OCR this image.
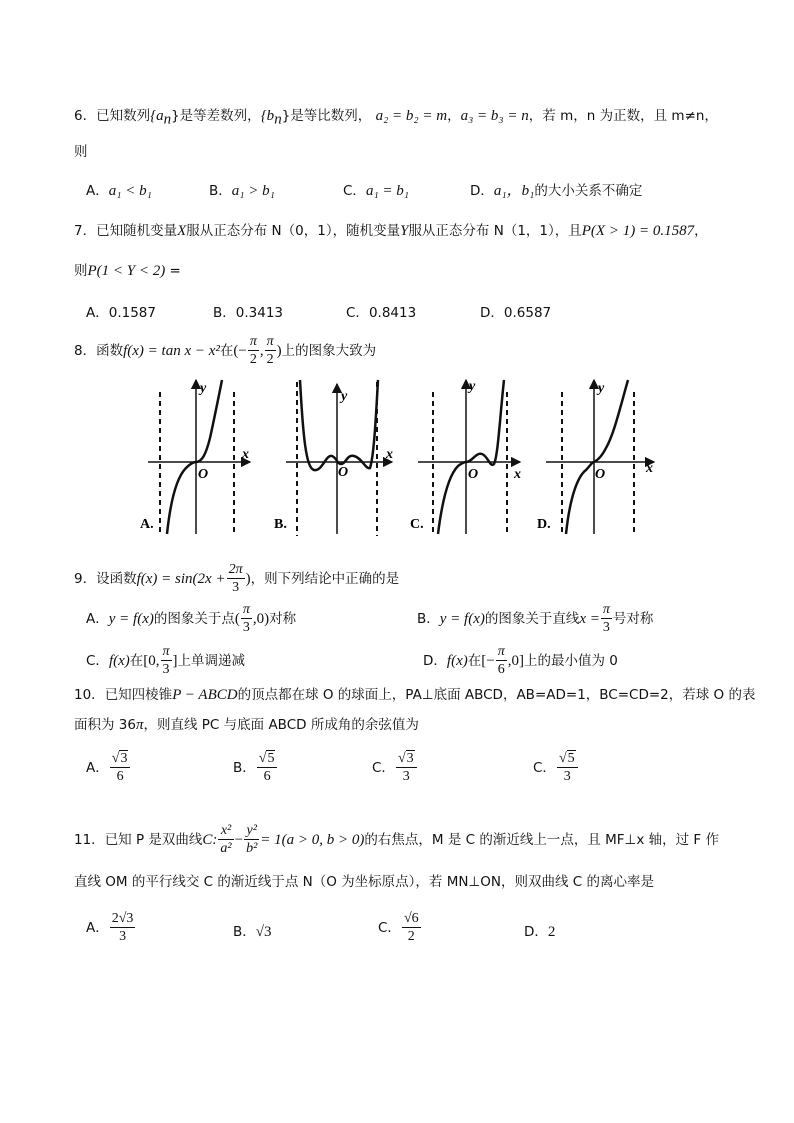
6．已知数列$\{a_n\}$是等差数列，$\{b_n\}$是等比数列， a₂ = b₂ = m，a₃ = b₃ = n，若 m，n 为正数，且 m≠n，
则
A．a₁ < b₁	B．a₁ > b₁	C．a₁ = b₁	D．a₁，b₁的大小关系不确定
7．已知随机变量X服从正态分布 N（0，1），随机变量Y服从正态分布 N（1，1），且P(X > 1) = 0.1587，
则P(1 < Y < 2) =
A．0.1587	B．0.3413	C．0.8413	D．0.6587
8．函数f(x) = tan x − x²在(− $\frac{\pi}{2}$ , $\frac{\pi}{2}$ )上的图象大致为
y
x
O
A.
y
x
O
B.
y
x
O
C.
y
x
O
D.
9．设函数$f(x) = \sin(2x + \frac{2\pi}{3}$ )，则下列结论中正确的是
A．y = f(x)的图象关于点( $\frac{\pi}{3} ,0$)对称	B．y = f(x)的图象关于直线$x = \frac{\pi}{3}$ 号对称
C．f(x)在[0, $\frac{\pi}{3}$ ]上单调递减	D．f(x)在[− $\frac{\pi}{6} ,0$]上的最小值为 0
10．已知四棱锥P − ABCD的顶点都在球 O 的球面上，PA⊥底面 ABCD，AB=AD=1，BC=CD=2，若球 O 的表
面积为 36π，则直线 PC 与底面 ABCD 所成角的余弦值为
A． $\frac{√3}{6}$	B． $\frac{√5}{6}$	C． $\frac{√3}{3}$	C． $\frac{√5}{3}$
11．已知 P 是双曲线C: $\frac{\text{x²}}{\text{a²}} - \frac{\text{y²}}{\text{b²}} = 1(a > 0$, b > 0)的右焦点，M 是 C 的渐近线上一点，且 MF⊥x 轴，过 F 作
直线 OM 的平行线交 C 的渐近线于点 N（O 为坐标原点），若 MN⊥ON，则双曲线 C 的离心率是
A． $\frac{2√3}{3}$	B．√3	C． $\frac{√6}{2}$	D．2
